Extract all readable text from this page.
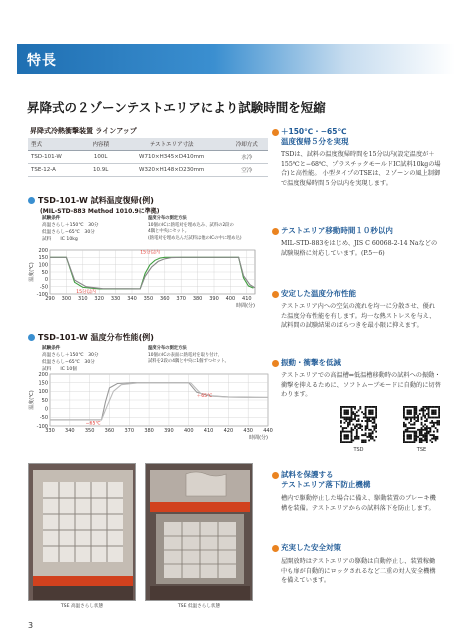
特長
昇降式の２ゾーンテストエリアにより試験時間を短縮
昇降式冷熱衝撃装置 ラインアップ
型式	内容積	テストエリア寸法	冷却方式
TSD-101-W	100L	W710×H345×D410mm	水冷
TSE-12-A	10.9L	W320×H148×D230mm	空冷
TSD-101-W 試料温度復帰(例)
(MIL-STD-883 Method 1010.9に準拠)
試験条件
高温さらし＋150℃　30分
低温さらし−65℃　30分
試料　　IC 10kg
温度分布の測定方法
10個のICに熱電対を埋め込み、試料の2段の
4隅と中央にセット。
(熱電対を埋め込んだ試料は他のICの中に埋め込)
200
150
100
50
0
-50
-100
290 300 310 320 330 340 350 360 370 380 390 400 410
温度(℃)
時間(分)
15分以内
15分以内
TSD-101-W 温度分布性能(例)
試験条件
高温さらし＋150℃　30分
低温さらし−65℃　30分
試料　　IC 10個
温度分布の測定方法
10個のICの表面に熱電対を取り付け、
試料を2段の4隅と中央に1個ずつセット。
200
150
100
50
0
-50
-100
330 340 350 360 370 380 390 400 410 420 430 440
温度(℃)
時間(分)
−65℃
＋65℃
TSE 高温さらし状態	TSE 低温さらし状態
＋150℃・−65℃
温度復帰５分を実現
TSDは、試料の温度復帰時間を15分以内(設定温度が＋155℃と−68℃、プラスチックモールドIC試料10kgの場合)と高性能。 小型タイプのTSEは、２ゾーンの風上制御で温度復帰時間５分以内を実現します。
テストエリア移動時間１０秒以内
MIL-STD-883をはじめ、JIS C 60068-2-14 Naなどの試験規格に対応しています。(P.5〜6)
安定した温度分布性能
テストエリア内への空気の流れを均一に分散させ、優れた温度分布性能を有します。均一な熱ストレスを与え、試料間の試験結果のばらつきを最小限に抑えます。
振動・衝撃を低減
テストエリアでの高温槽⇔低温槽移動時の試料への振動・衝撃を抑えるために、ソフトムーブモードに自動的に切替わります。
TSD	TSE
試料を保護する
テストエリア落下防止機構
槽内で駆動停止した場合に備え、駆動装置のブレーキ機構を装備。テストエリアからの試料落下を防止します。
充実した安全対策
屋開放時はテストエリアの駆動は自動停止し、装置稼働中も扉が自動的にロックされるなど二重の対人安全機構を備えています。
3
